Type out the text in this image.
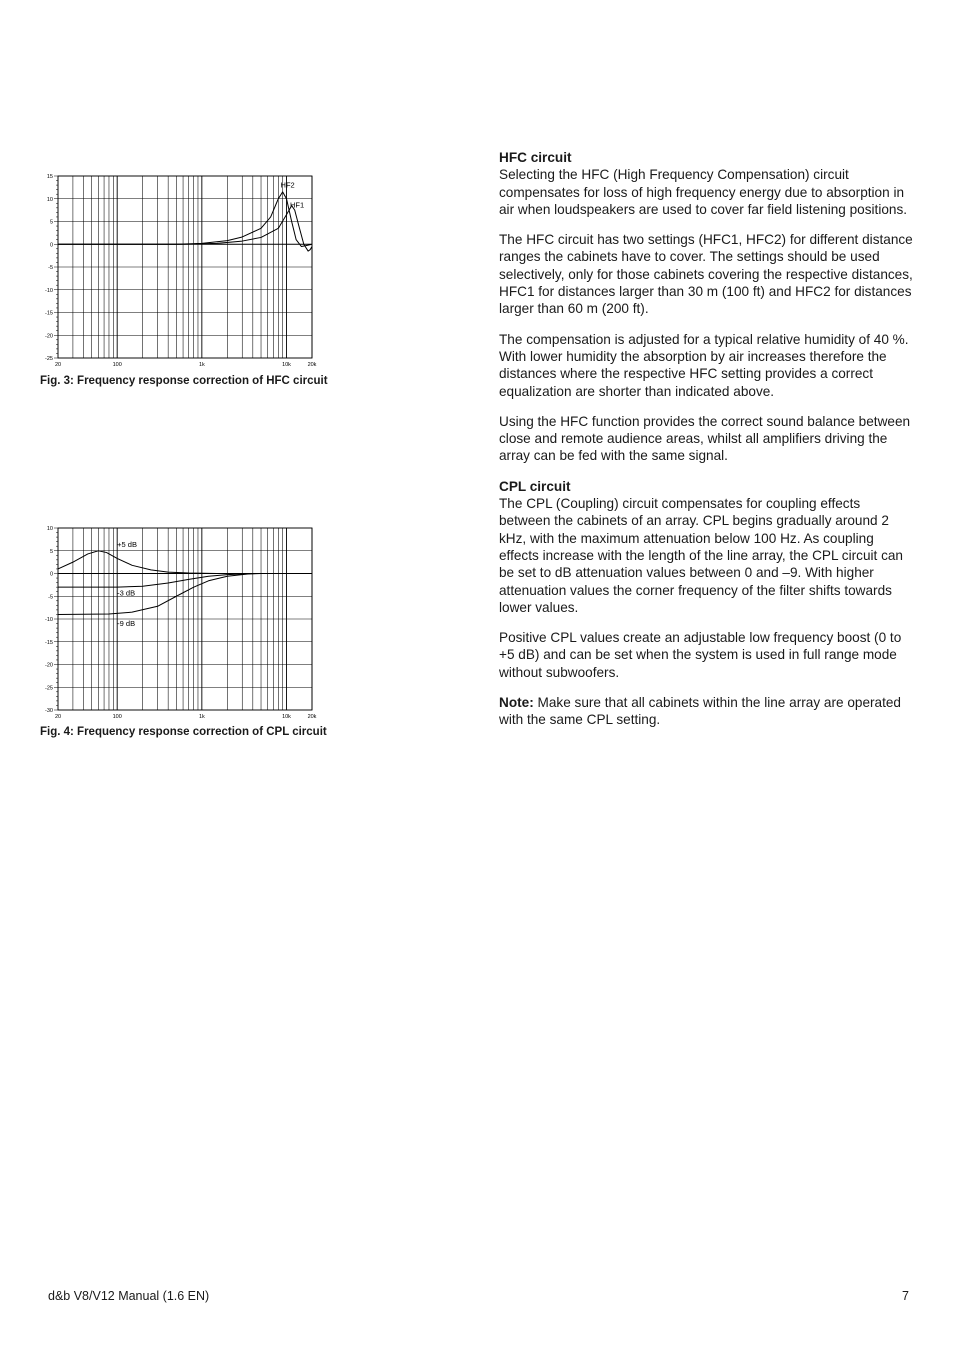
15
10
5
0
-5
-10
-15
-20
-25
20	100	1k	10k	20k
HF2
HF1
Fig. 3: Frequency response correction of HFC circuit
10
5
0
-5
-10
-15
-20
-25
-30
20	100	1k	10k	20k
+5 dB
-3 dB
-9 dB
Fig. 4: Frequency response correction of CPL circuit
HFC circuit

Selecting the HFC (High Frequency Compensation) circuit compensates for loss of high frequency energy due to absorption in air when loudspeakers are used to cover far field listening positions.

The HFC circuit has two settings (HFC1, HFC2) for different distance ranges the cabinets have to cover. The settings should be used selectively, only for those cabinets covering the respective distances, HFC1 for distances larger than 30 m (100 ft) and HFC2 for distances larger than 60 m (200 ft).

The compensation is adjusted for a typical relative humidity of 40 %. With lower humidity the absorption by air increases therefore the distances where the respective HFC setting provides a correct equalization are shorter than indicated above.

Using the HFC function provides the correct sound balance between close and remote audience areas, whilst all amplifiers driving the array can be fed with the same signal.

CPL circuit

The CPL (Coupling) circuit compensates for coupling effects between the cabinets of an array. CPL begins gradually around 2 kHz, with the maximum attenuation below 100 Hz. As coupling effects increase with the length of the line array, the CPL circuit can be set to dB attenuation values between 0 and –9. With higher attenuation values the corner frequency of the filter shifts towards lower values.

Positive CPL values create an adjustable low frequency boost (0 to +5 dB) and can be set when the system is used in full range mode without subwoofers.

Note: Make sure that all cabinets within the line array are operated with the same CPL setting.

d&b V8/V12 Manual (1.6 EN)	7
